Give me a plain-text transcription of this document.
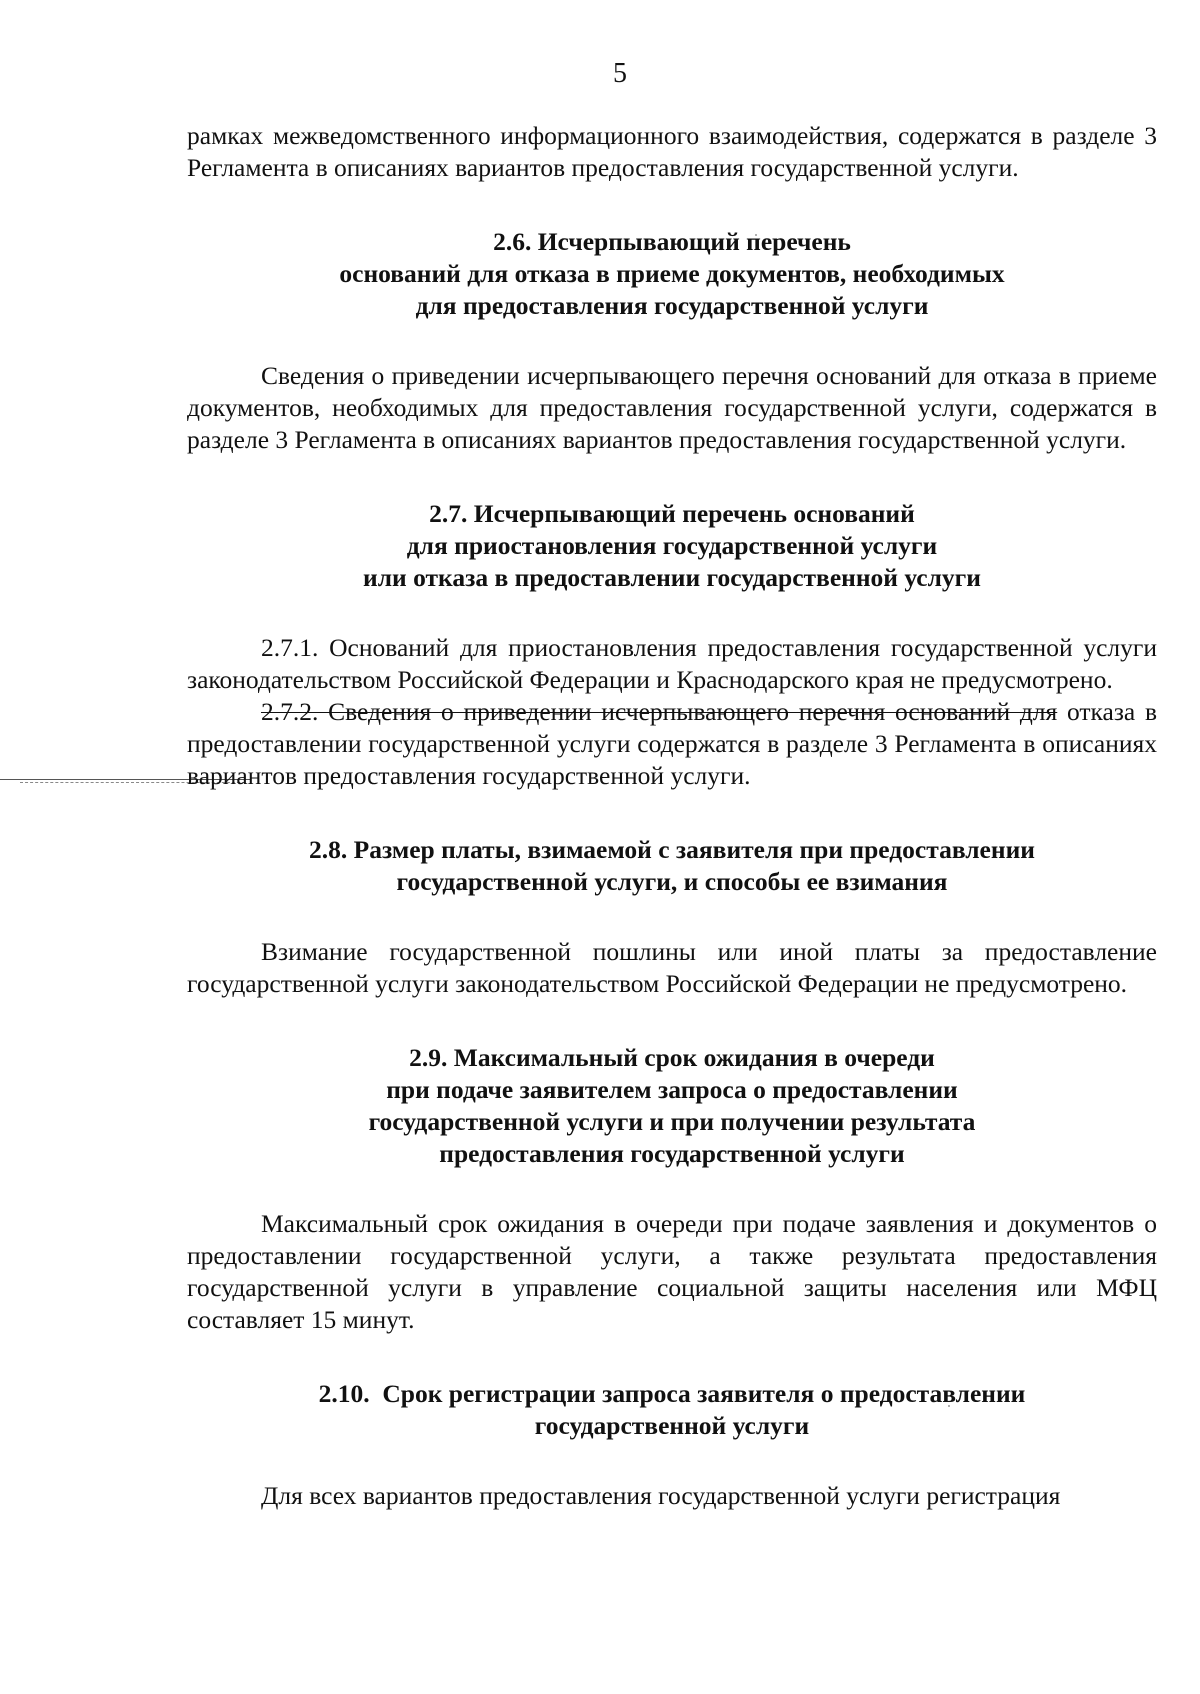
5

рамках межведомственного информационного взаимодействия, содержатся в разделе 3 Регламента в описаниях вариантов предоставления государственной услуги.

2.6. Исчерпывающий перечень
оснований для отказа в приеме документов, необходимых
для предоставления государственной услуги

Сведения о приведении исчерпывающего перечня оснований для отказа в приеме документов, необходимых для предоставления государственной услуги, содержатся в разделе 3 Регламента в описаниях вариантов предоставления государственной услуги.

2.7. Исчерпывающий перечень оснований
для приостановления государственной услуги
или отказа в предоставлении государственной услуги

2.7.1. Оснований для приостановления предоставления государственной услуги законодательством Российской Федерации и Краснодарского края не предусмотрено.

2.7.2. Сведения о приведении исчерпывающего перечня оснований для отказа в предоставлении государственной услуги содержатся в разделе 3 Регламента в описаниях вариантов предоставления государственной услуги.

2.8. Размер платы, взимаемой с заявителя при предоставлении
государственной услуги, и способы ее взимания

Взимание государственной пошлины или иной платы за предоставление государственной услуги законодательством Российской Федерации не предусмотрено.

2.9. Максимальный срок ожидания в очереди
при подаче заявителем запроса о предоставлении
государственной услуги и при получении результата
предоставления государственной услуги

Максимальный срок ожидания в очереди при подаче заявления и документов о предоставлении государственной услуги, а также результата предоставления государственной услуги в управление социальной защиты населения или МФЦ составляет 15 минут.

2.10.  Срок регистрации запроса заявителя о предоставлении
государственной услуги

Для всех вариантов предоставления государственной услуги регистрация
